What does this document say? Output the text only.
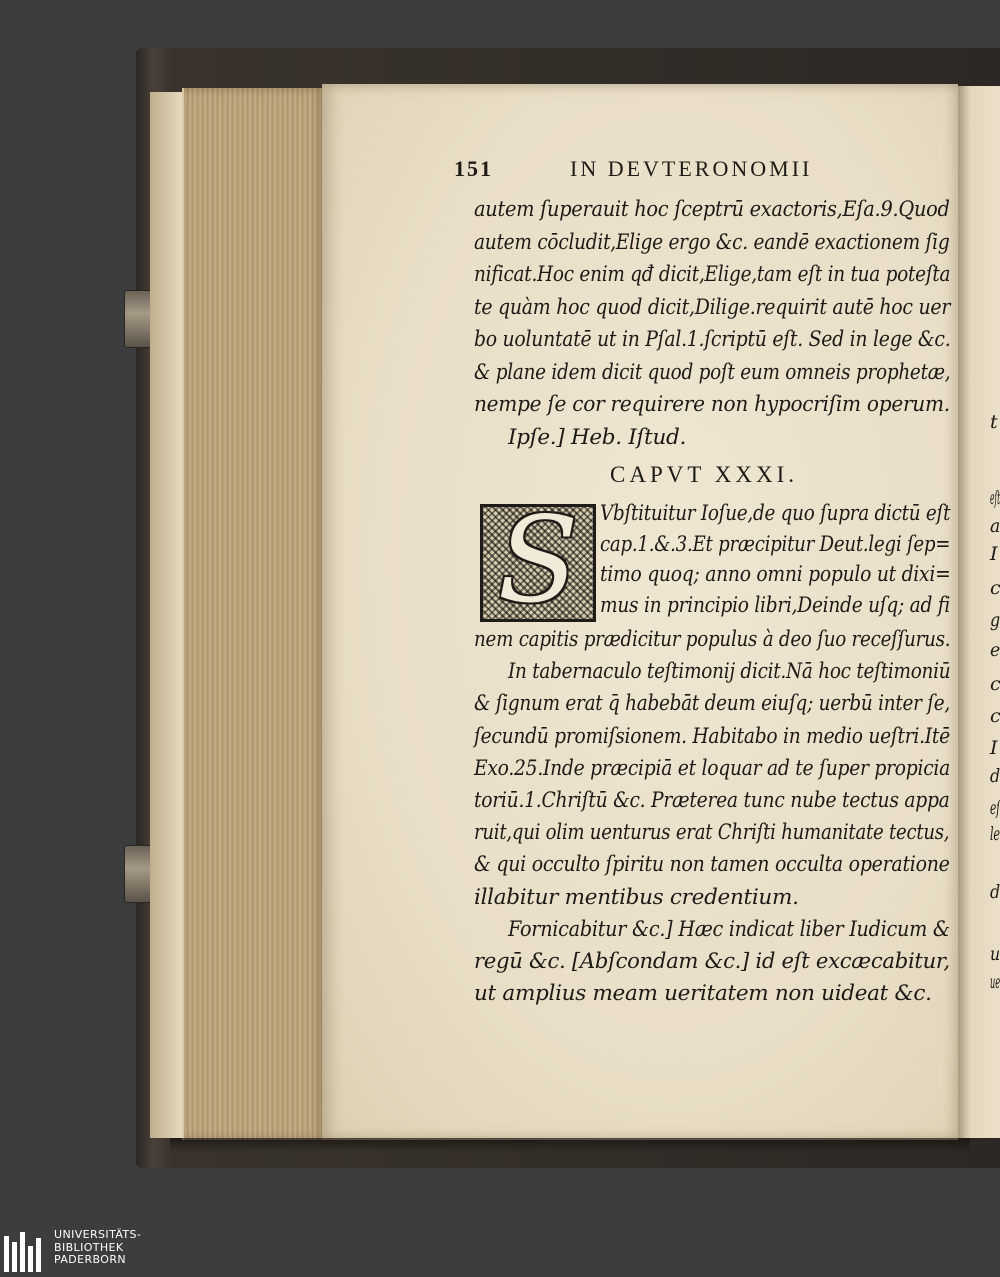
151	IN DEVTERONOMII
autem ſuperauit hoc ſceptrū exactoris,Eſa.9.Quod
autem cōcludit,Elige ergo &c. eandē exactionem ſig
nificat.Hoc enim qđ dicit,Elige,tam eſt in tua poteſta
te quàm hoc quod dicit,Dilige.requirit autē hoc uer
bo uoluntatē ut in Pſal.1.ſcriptū eſt. Sed in lege &c.
& plane idem dicit quod poſt eum omneis prophetæ,
nempe ſe cor requirere non hypocriſim operum.
Ipſe.] Heb. Iſtud.
CAPVT XXXI.
S	Vbſtituitur Ioſue,de quo ſupra dictū eſt
cap.1.&.3.Et præcipitur Deut.legi ſep=
timo quoq; anno omni populo ut dixi=
mus in principio libri,Deinde uſq; ad fi
nem capitis prædicitur populus à deo ſuo receſſurus.
In tabernaculo teſtimonij dicit.Nā hoc teſtimoniū
& ſignum erat q̄ habebāt deum eiuſq; uerbū inter ſe,
ſecundū promiſsionem. Habitabo in medio ueſtri.Itē
Exo.25.Inde præcipiā et loquar ad te ſuper propicia
toriū.1.Chriſtū &c. Præterea tunc nube tectus appa
ruit,qui olim uenturus erat Chriſti humanitate tectus,
& qui occulto ſpiritu non tamen occulta operatione
illabitur mentibus credentium.
Fornicabitur &c.] Hæc indicat liber Iudicum &
regū &c. [Abſcondam &c.] id eſt excæcabitur,
ut amplius meam ueritatem non uideat &c.
t
eſt
a
I
c
g
e
c
c
I
d
eſ
le
d
u
ue
UNIVERSITÄTS-
BIBLIOTHEK
PADERBORN
